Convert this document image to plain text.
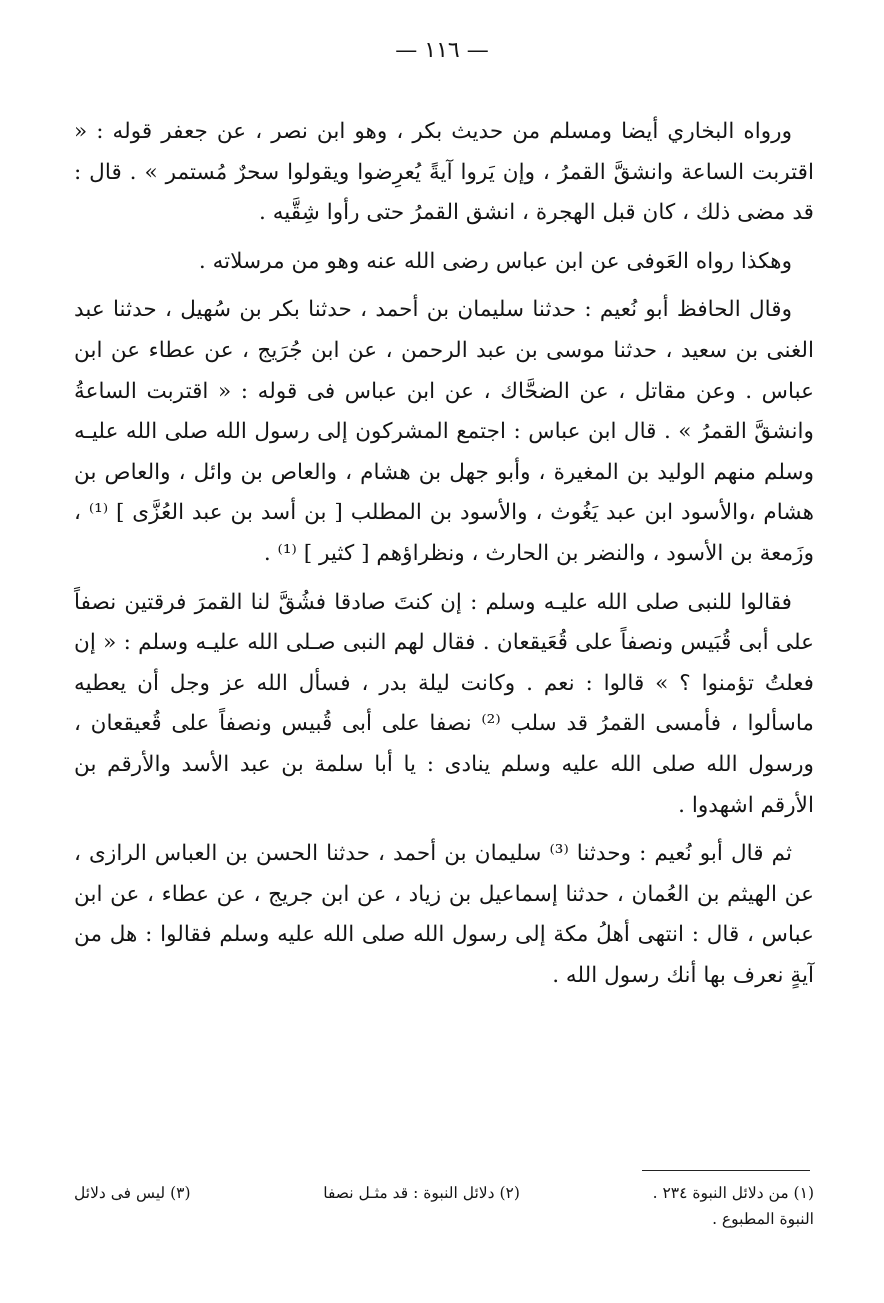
— ١١٦ —

ورواه البخاري أيضا ومسلم من حديث بكر ، وهو ابن نصر ، عن جعفر قوله : « اقتربت الساعة وانشقَّ القمرُ ، وإن يَروا آيةً يُعرِضوا ويقولوا سحرٌ مُستمر » . قال : قد مضى ذلك ، كان قبل الهجرة ، انشق القمرُ حتى رأوا شِقَّيه .

وهكذا رواه العَوفى عن ابن عباس رضى الله عنه وهو من مرسلاته .

وقال الحافظ أبو نُعيم : حدثنا سليمان بن أحمد ، حدثنا بكر بن سُهيل ، حدثنا عبد الغنى بن سعيد ، حدثنا موسى بن عبد الرحمن ، عن ابن جُرَيج ، عن عطاء عن ابن عباس . وعن مقاتل ، عن الضحَّاك ، عن ابن عباس فى قوله : « اقتربت الساعةُ وانشقَّ القمرُ » . قال ابن عباس : اجتمع المشركون إلى رسول الله صلى الله عليـه وسلم منهم الوليد بن المغيرة ، وأبو جهل بن هشام ، والعاص بن وائل ، والعاص بن هشام ،والأسود ابن عبد يَغُوث ، والأسود بن المطلب [ بن أسد بن عبد العُزَّى ] ⁽¹⁾ ، وزَمعة بن الأسود ، والنضر بن الحارث ، ونظراؤهم [ كثير ] ⁽¹⁾ .

فقالوا للنبى صلى الله عليـه وسلم : إن كنتَ صادقا فشُقَّ لنا القمرَ فرقتين نصفاً على أبى قُبَيس ونصفاً على قُعَيقعان . فقال لهم النبى صـلى الله عليـه وسلم : « إن فعلتُ تؤمنوا ؟ » قالوا : نعم . وكانت ليلة بدر ، فسأل الله عز وجل أن يعطيه ماسألوا ، فأمسى القمرُ قد سلب ⁽²⁾ نصفا على أبى قُبيس ونصفاً على قُعيقعان ، ورسول الله صلى الله عليه وسلم ينادى : يا أبا سلمة بن عبد الأسد والأرقم بن الأرقم اشهدوا .

ثم قال أبو نُعيم : وحدثنا ⁽³⁾ سليمان بن أحمد ، حدثنا الحسن بن العباس الرازى ، عن الهيثم بن العُمان ، حدثنا إسماعيل بن زياد ، عن ابن جريج ، عن عطاء ، عن ابن عباس ، قال : انتهى أهلُ مكة إلى رسول الله صلى الله عليه وسلم فقالوا : هل من آيةٍ نعرف بها أنك رسول الله .

(١) من دلائل النبوة ٢٣٤ .
(٢) دلائل النبوة : قد مثـل نصفا
(٣) ليس فى دلائل
النبوة المطبوع .
